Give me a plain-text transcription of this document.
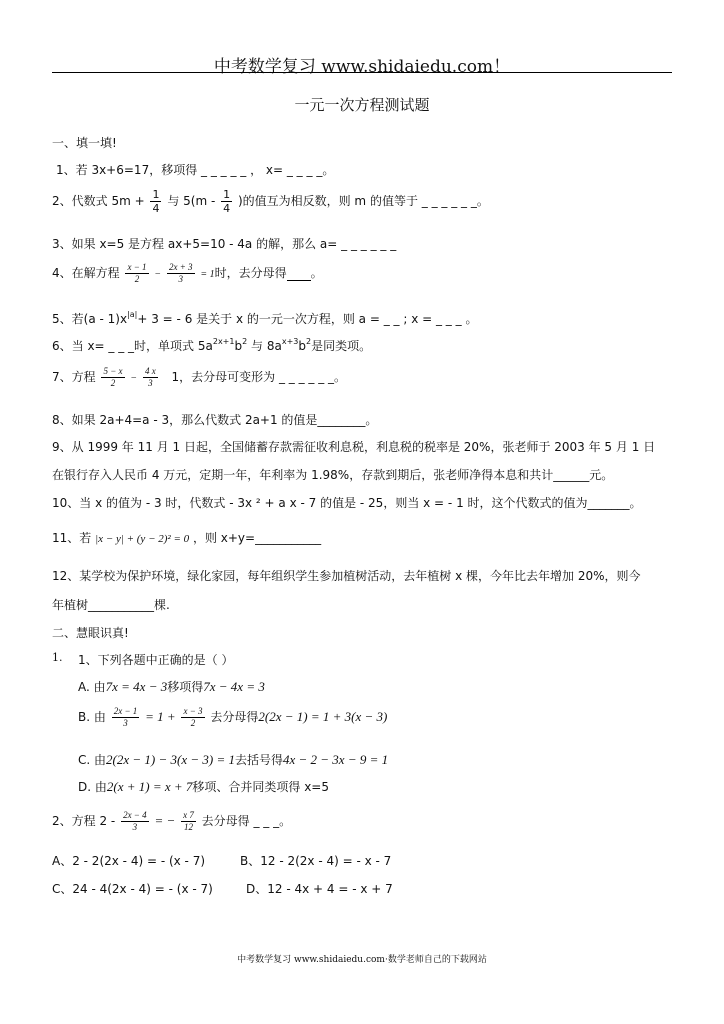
中考数学复习 www.shidaiedu.com！
一元一次方程测试题
一、填一填!
1、若 3x+6=17，移项得 _ _ _ _ _ ， x= _ _ _ _。
2、代数式 $5m + \frac{1}{4}$ 与 $5(m - \frac{1}{4}$ )的值互为相反数，则 m 的值等于 _ _ _ _ _ _。
3、如果 x=5 是方程 ax+5=10 - 4a 的解，那么 a= _ _ _ _ _ _
4、在解方程 $\frac{x - 1}{2} - \frac{2x + 3}{3} = 1$时，去分母得 。
5、若$(a - 1)x^{|a|}+ 3$ = - 6 是关于 x 的一元一次方程，则 a = _ _ ; x = _ _ _ 。
6、当 x= _ _ _时，单项式 $5a^{2x+1}b^2$ 与 $8a^{x+3}b^2$是同类项。
7、方程 $\frac{5 - x}{2} - \frac{4 x}{3} 1$，去分母可变形为 _ _ _ _ _ _。
8、如果 2a+4=a - 3，那么代数式 2a+1 的值是________。
9、从 1999 年 11 月 1 日起，全国储蓄存款需征收利息税，利息税的税率是 20%，张老师于 2003 年 5 月 1 日
在银行存入人民币 4 万元，定期一年，年利率为 1.98%，存款到期后，张老师净得本息和共计______元。
10、当 x 的值为 - 3 时，代数式 - 3x ² + a x - 7 的值是 - 25，则当 x = - 1 时，这个代数式的值为_______。
11、若 |x − y| + (y − 2)² = 0 ，则 x+y=___________
12、某学校为保护环境，绿化家园，每年组织学生参加植树活动，去年植树 x 棵，今年比去年增加 20%，则今
年植树___________棵.
二、慧眼识真!
1. 1、下列各题中正确的是（ ）
A. 由7x = 4x − 3移项得7x − 4x = 3
B. 由 $\frac{2x - 1}{3} = 1 + \frac{x - 3}{2}$ 去分母得2(2x − 1) = 1 + 3(x − 3)
C. 由2(2x − 1) − 3(x − 3) = 1去括号得4x − 2 − 3x − 9 = 1
D. 由2(x + 1) = x + 7移项、合并同类项得 x=5
2、方程 $2 - \frac{2x - 4}{3}$ = − $\frac{x 7}{12}$ 去分母得 _ _ _。
A、2 - 2(2x - 4) = - (x - 7)	B、12 - 2(2x - 4) = - x - 7
C、24 - 4(2x - 4) = - (x - 7)	D、12 - 4x + 4 = - x + 7
中考数学复习 www.shidaiedu.com·数学老师自己的下载网站
